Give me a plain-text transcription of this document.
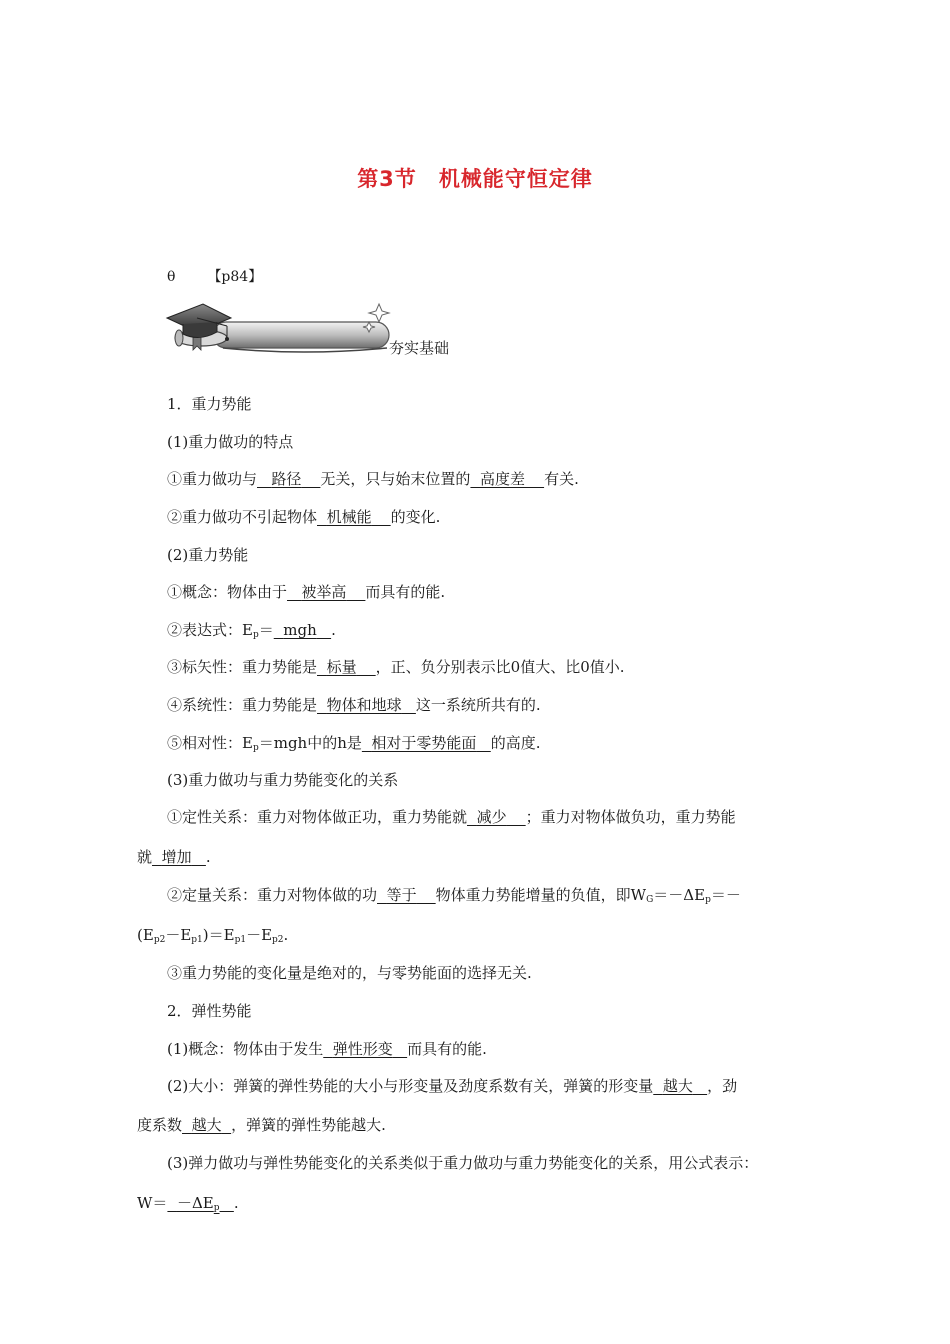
第3节 机械能守恒定律
θ 【p84】
夯实基础
1．重力势能
(1)重力做功的特点
①重力做功与 路径 无关，只与始末位置的 高度差 有关.
②重力做功不引起物体 机械能 的变化.
(2)重力势能
①概念：物体由于 被举高 而具有的能.
②表达式：$E_p=$ mgh .
③标矢性：重力势能是 标量 ，正、负分别表示比0值大、比0值小.
④系统性：重力势能是 物体和地球 这一系统所共有的.
⑤相对性：$E_p=mgh$中的h是 相对于零势能面 的高度.
(3)重力做功与重力势能变化的关系
①定性关系：重力对物体做正功，重力势能就 减少 ；重力对物体做负功，重力势能
就 增加 .
②定量关系：重力对物体做的功 等于 物体重力势能增量的负值，即$W_G=-\Delta E_p=-$
$(E_{p2}-E_{p1})=E_{p1}-E_{p2}$.
③重力势能的变化量是绝对的，与零势能面的选择无关.
2．弹性势能
(1)概念：物体由于发生 弹性形变 而具有的能.
(2)大小：弹簧的弹性势能的大小与形变量及劲度系数有关，弹簧的形变量 越大 ，劲
度系数 越大 ，弹簧的弹性势能越大.
(3)弹力做功与弹性势能变化的关系类似于重力做功与重力势能变化的关系，用公式表示：
$W= -\Delta E_p$ .
